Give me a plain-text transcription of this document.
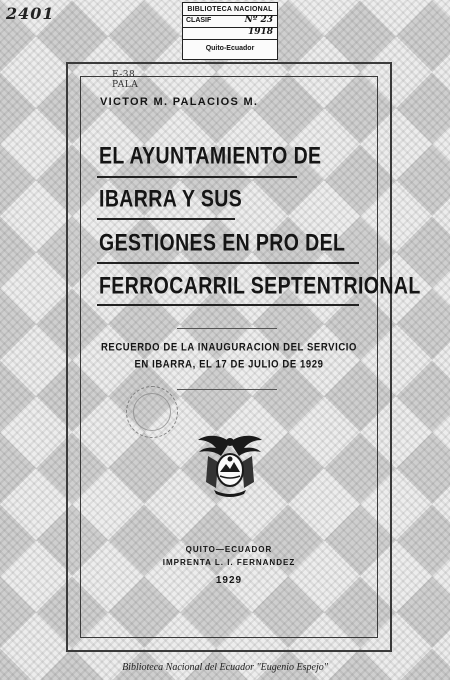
2401	BIBLIOTECA NACIONAL
CLASIF	Nº 23
1918
Quito-Ecuador
E-38
PALA
VICTOR M. PALACIOS M.
EL AYUNTAMIENTO DE
IBARRA Y SUS
GESTIONES EN PRO DEL
FERROCARRIL SEPTENTRIONAL
RECUERDO DE LA INAUGURACION DEL SERVICIO
EN IBARRA, EL 17 DE JULIO DE 1929
QUITO—ECUADOR
IMPRENTA L. I. FERNANDEZ
1929
Biblioteca Nacional del Ecuador "Eugenio Espejo"
